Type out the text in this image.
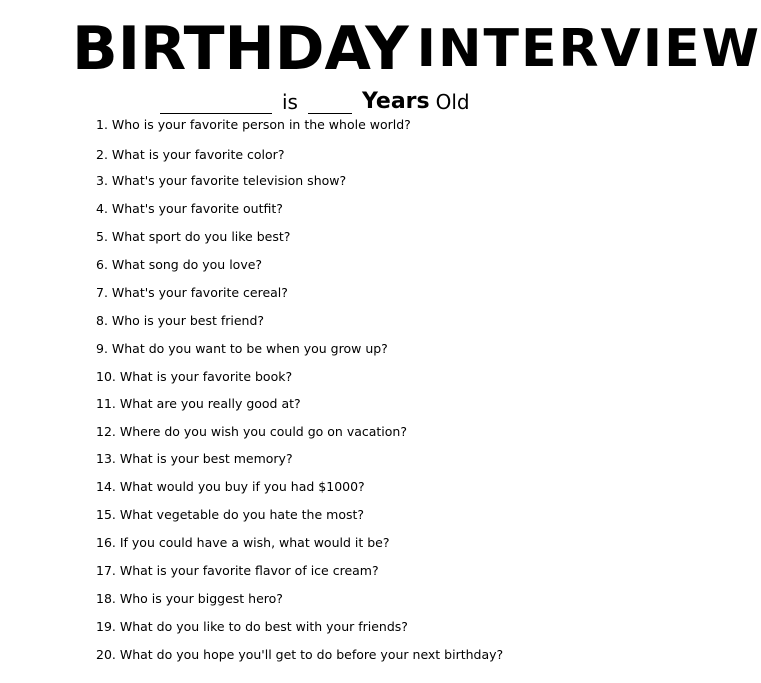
BIRTHDAY INTERVIEW
is	Years Old
1. Who is your favorite person in the whole world?
2. What is your favorite color?
3. What's your favorite television show?
4. What's your favorite outfit?
5. What sport do you like best?
6. What song do you love?
7. What's your favorite cereal?
8. Who is your best friend?
9. What do you want to be when you grow up?
10. What is your favorite book?
11. What are you really good at?
12. Where do you wish you could go on vacation?
13. What is your best memory?
14. What would you buy if you had $1000?
15. What vegetable do you hate the most?
16. If you could have a wish, what would it be?
17. What is your favorite flavor of ice cream?
18. Who is your biggest hero?
19. What do you like to do best with your friends?
20. What do you hope you'll get to do before your next birthday?
